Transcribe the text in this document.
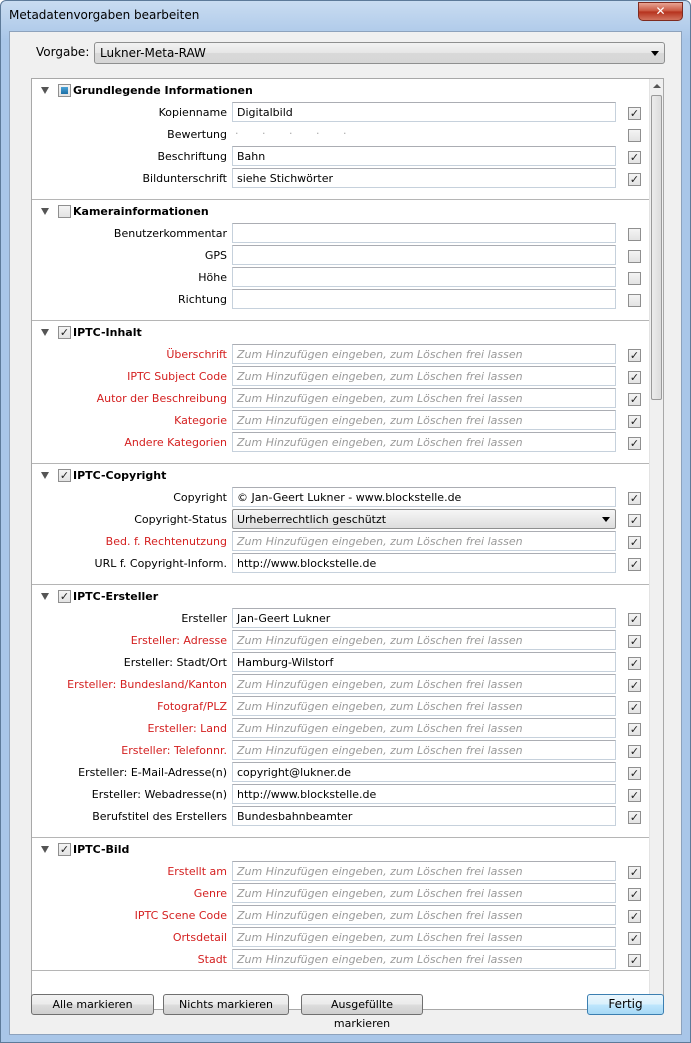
Metadatenvorgaben bearbeiten	✕
Vorgabe: Lukner-Meta-RAW
Grundlegende Informationen
Kopienname Digitalbild	✓
Bewertung · · · · ·
Beschriftung Bahn	✓
Bildunterschrift siehe Stichwörter	✓
Kamerainformationen
Benutzerkommentar
GPS
Höhe
Richtung
✓ IPTC-Inhalt
Überschrift Zum Hinzufügen eingeben, zum Löschen frei lassen	✓
IPTC Subject Code Zum Hinzufügen eingeben, zum Löschen frei lassen	✓
Autor der Beschreibung Zum Hinzufügen eingeben, zum Löschen frei lassen	✓
Kategorie Zum Hinzufügen eingeben, zum Löschen frei lassen	✓
Andere Kategorien Zum Hinzufügen eingeben, zum Löschen frei lassen	✓
✓ IPTC-Copyright
Copyright © Jan-Geert Lukner - www.blockstelle.de	✓
Copyright-Status Urheberrechtlich geschützt	✓
Bed. f. Rechtenutzung Zum Hinzufügen eingeben, zum Löschen frei lassen	✓
URL f. Copyright-Inform. http://www.blockstelle.de	✓
✓ IPTC-Ersteller
Ersteller Jan-Geert Lukner	✓
Ersteller: Adresse Zum Hinzufügen eingeben, zum Löschen frei lassen	✓
Ersteller: Stadt/Ort Hamburg-Wilstorf	✓
Ersteller: Bundesland/Kanton Zum Hinzufügen eingeben, zum Löschen frei lassen	✓
Fotograf/PLZ Zum Hinzufügen eingeben, zum Löschen frei lassen	✓
Ersteller: Land Zum Hinzufügen eingeben, zum Löschen frei lassen	✓
Ersteller: Telefonnr. Zum Hinzufügen eingeben, zum Löschen frei lassen	✓
Ersteller: E-Mail-Adresse(n) copyright@lukner.de	✓
Ersteller: Webadresse(n) http://www.blockstelle.de	✓
Berufstitel des Erstellers Bundesbahnbeamter	✓
✓ IPTC-Bild
Erstellt am Zum Hinzufügen eingeben, zum Löschen frei lassen	✓
Genre Zum Hinzufügen eingeben, zum Löschen frei lassen	✓
IPTC Scene Code Zum Hinzufügen eingeben, zum Löschen frei lassen	✓
Ortsdetail Zum Hinzufügen eingeben, zum Löschen frei lassen	✓
Stadt Zum Hinzufügen eingeben, zum Löschen frei lassen	✓
Alle markieren	Nichts markieren	Ausgefüllte markieren
Fertig
